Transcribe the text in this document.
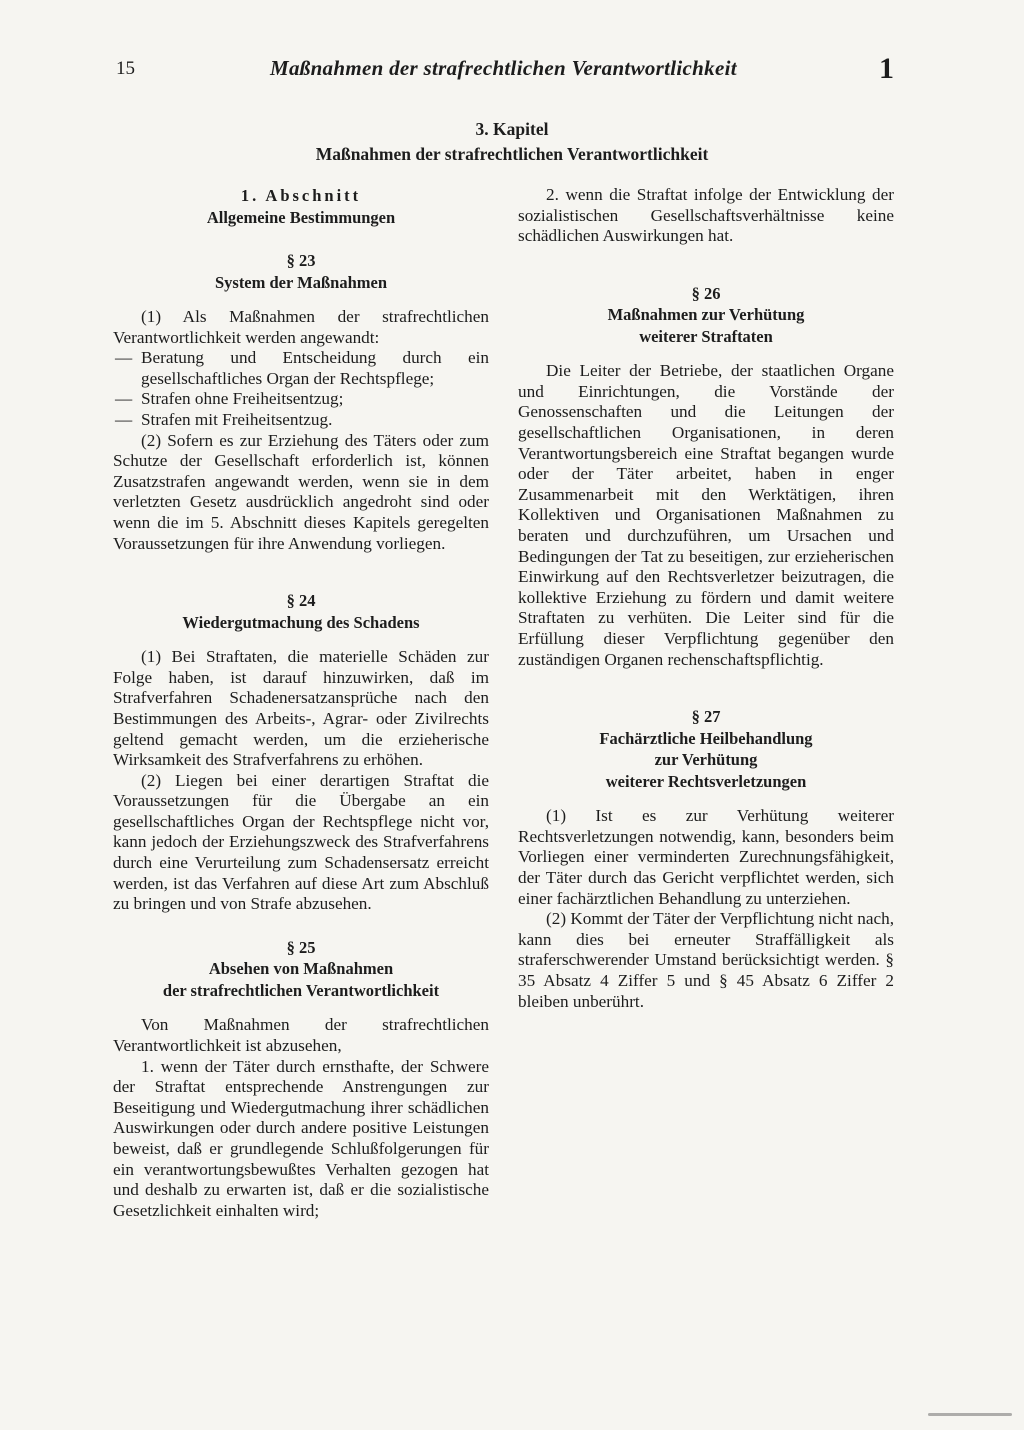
15	Maßnahmen der strafrechtlichen Verantwortlichkeit	1
3. Kapitel
Maßnahmen der strafrechtlichen Verantwortlichkeit
1. Abschnitt
Allgemeine Bestimmungen
§ 23
System der Maßnahmen

(1) Als Maßnahmen der strafrechtlichen Verantwortlichkeit werden angewandt:

— Beratung und Entscheidung durch ein gesellschaftliches Organ der Rechtspflege;
— Strafen ohne Freiheitsentzug;
— Strafen mit Freiheitsentzug.

(2) Sofern es zur Erziehung des Täters oder zum Schutze der Gesellschaft erforderlich ist, können Zusatzstrafen angewandt werden, wenn sie in dem verletzten Gesetz ausdrücklich angedroht sind oder wenn die im 5. Abschnitt dieses Kapitels geregelten Voraussetzungen für ihre Anwendung vorliegen.

§ 24
Wiedergutmachung des Schadens

(1) Bei Straftaten, die materielle Schäden zur Folge haben, ist darauf hinzuwirken, daß im Strafverfahren Schadenersatzansprüche nach den Bestimmungen des Arbeits-, Agrar- oder Zivilrechts geltend gemacht werden, um die erzieherische Wirksamkeit des Strafverfahrens zu erhöhen.

(2) Liegen bei einer derartigen Straftat die Voraussetzungen für die Übergabe an ein gesellschaftliches Organ der Rechtspflege nicht vor, kann jedoch der Erziehungszweck des Strafverfahrens durch eine Verurteilung zum Schadensersatz erreicht werden, ist das Verfahren auf diese Art zum Abschluß zu bringen und von Strafe abzusehen.

§ 25
Absehen von Maßnahmen
der strafrechtlichen Verantwortlichkeit

Von Maßnahmen der strafrechtlichen Verantwortlichkeit ist abzusehen,

1. wenn der Täter durch ernsthafte, der Schwere der Straftat entsprechende Anstrengungen zur Beseitigung und Wiedergutmachung ihrer schädlichen Auswirkungen oder durch andere positive Leistungen beweist, daß er grundlegende Schlußfolgerungen für ein verantwortungsbewußtes Verhalten gezogen hat und deshalb zu erwarten ist, daß er die sozialistische Gesetzlichkeit einhalten wird;

2. wenn die Straftat infolge der Entwicklung der sozialistischen Gesellschaftsverhältnisse keine schädlichen Auswirkungen hat.

§ 26
Maßnahmen zur Verhütung
weiterer Straftaten

Die Leiter der Betriebe, der staatlichen Organe und Einrichtungen, die Vorstände der Genossenschaften und die Leitungen der gesellschaftlichen Organisationen, in deren Verantwortungsbereich eine Straftat begangen wurde oder der Täter arbeitet, haben in enger Zusammenarbeit mit den Werktätigen, ihren Kollektiven und Organisationen Maßnahmen zu beraten und durchzuführen, um Ursachen und Bedingungen der Tat zu beseitigen, zur erzieherischen Einwirkung auf den Rechtsverletzer beizutragen, die kollektive Erziehung zu fördern und damit weitere Straftaten zu verhüten. Die Leiter sind für die Erfüllung dieser Verpflichtung gegenüber den zuständigen Organen rechenschaftspflichtig.

§ 27
Fachärztliche Heilbehandlung
zur Verhütung
weiterer Rechtsverletzungen

(1) Ist es zur Verhütung weiterer Rechtsverletzungen notwendig, kann, besonders beim Vorliegen einer verminderten Zurechnungsfähigkeit, der Täter durch das Gericht verpflichtet werden, sich einer fachärztlichen Behandlung zu unterziehen.

(2) Kommt der Täter der Verpflichtung nicht nach, kann dies bei erneuter Straffälligkeit als straferschwerender Umstand berücksichtigt werden. § 35 Absatz 4 Ziffer 5 und § 45 Absatz 6 Ziffer 2 bleiben unberührt.
